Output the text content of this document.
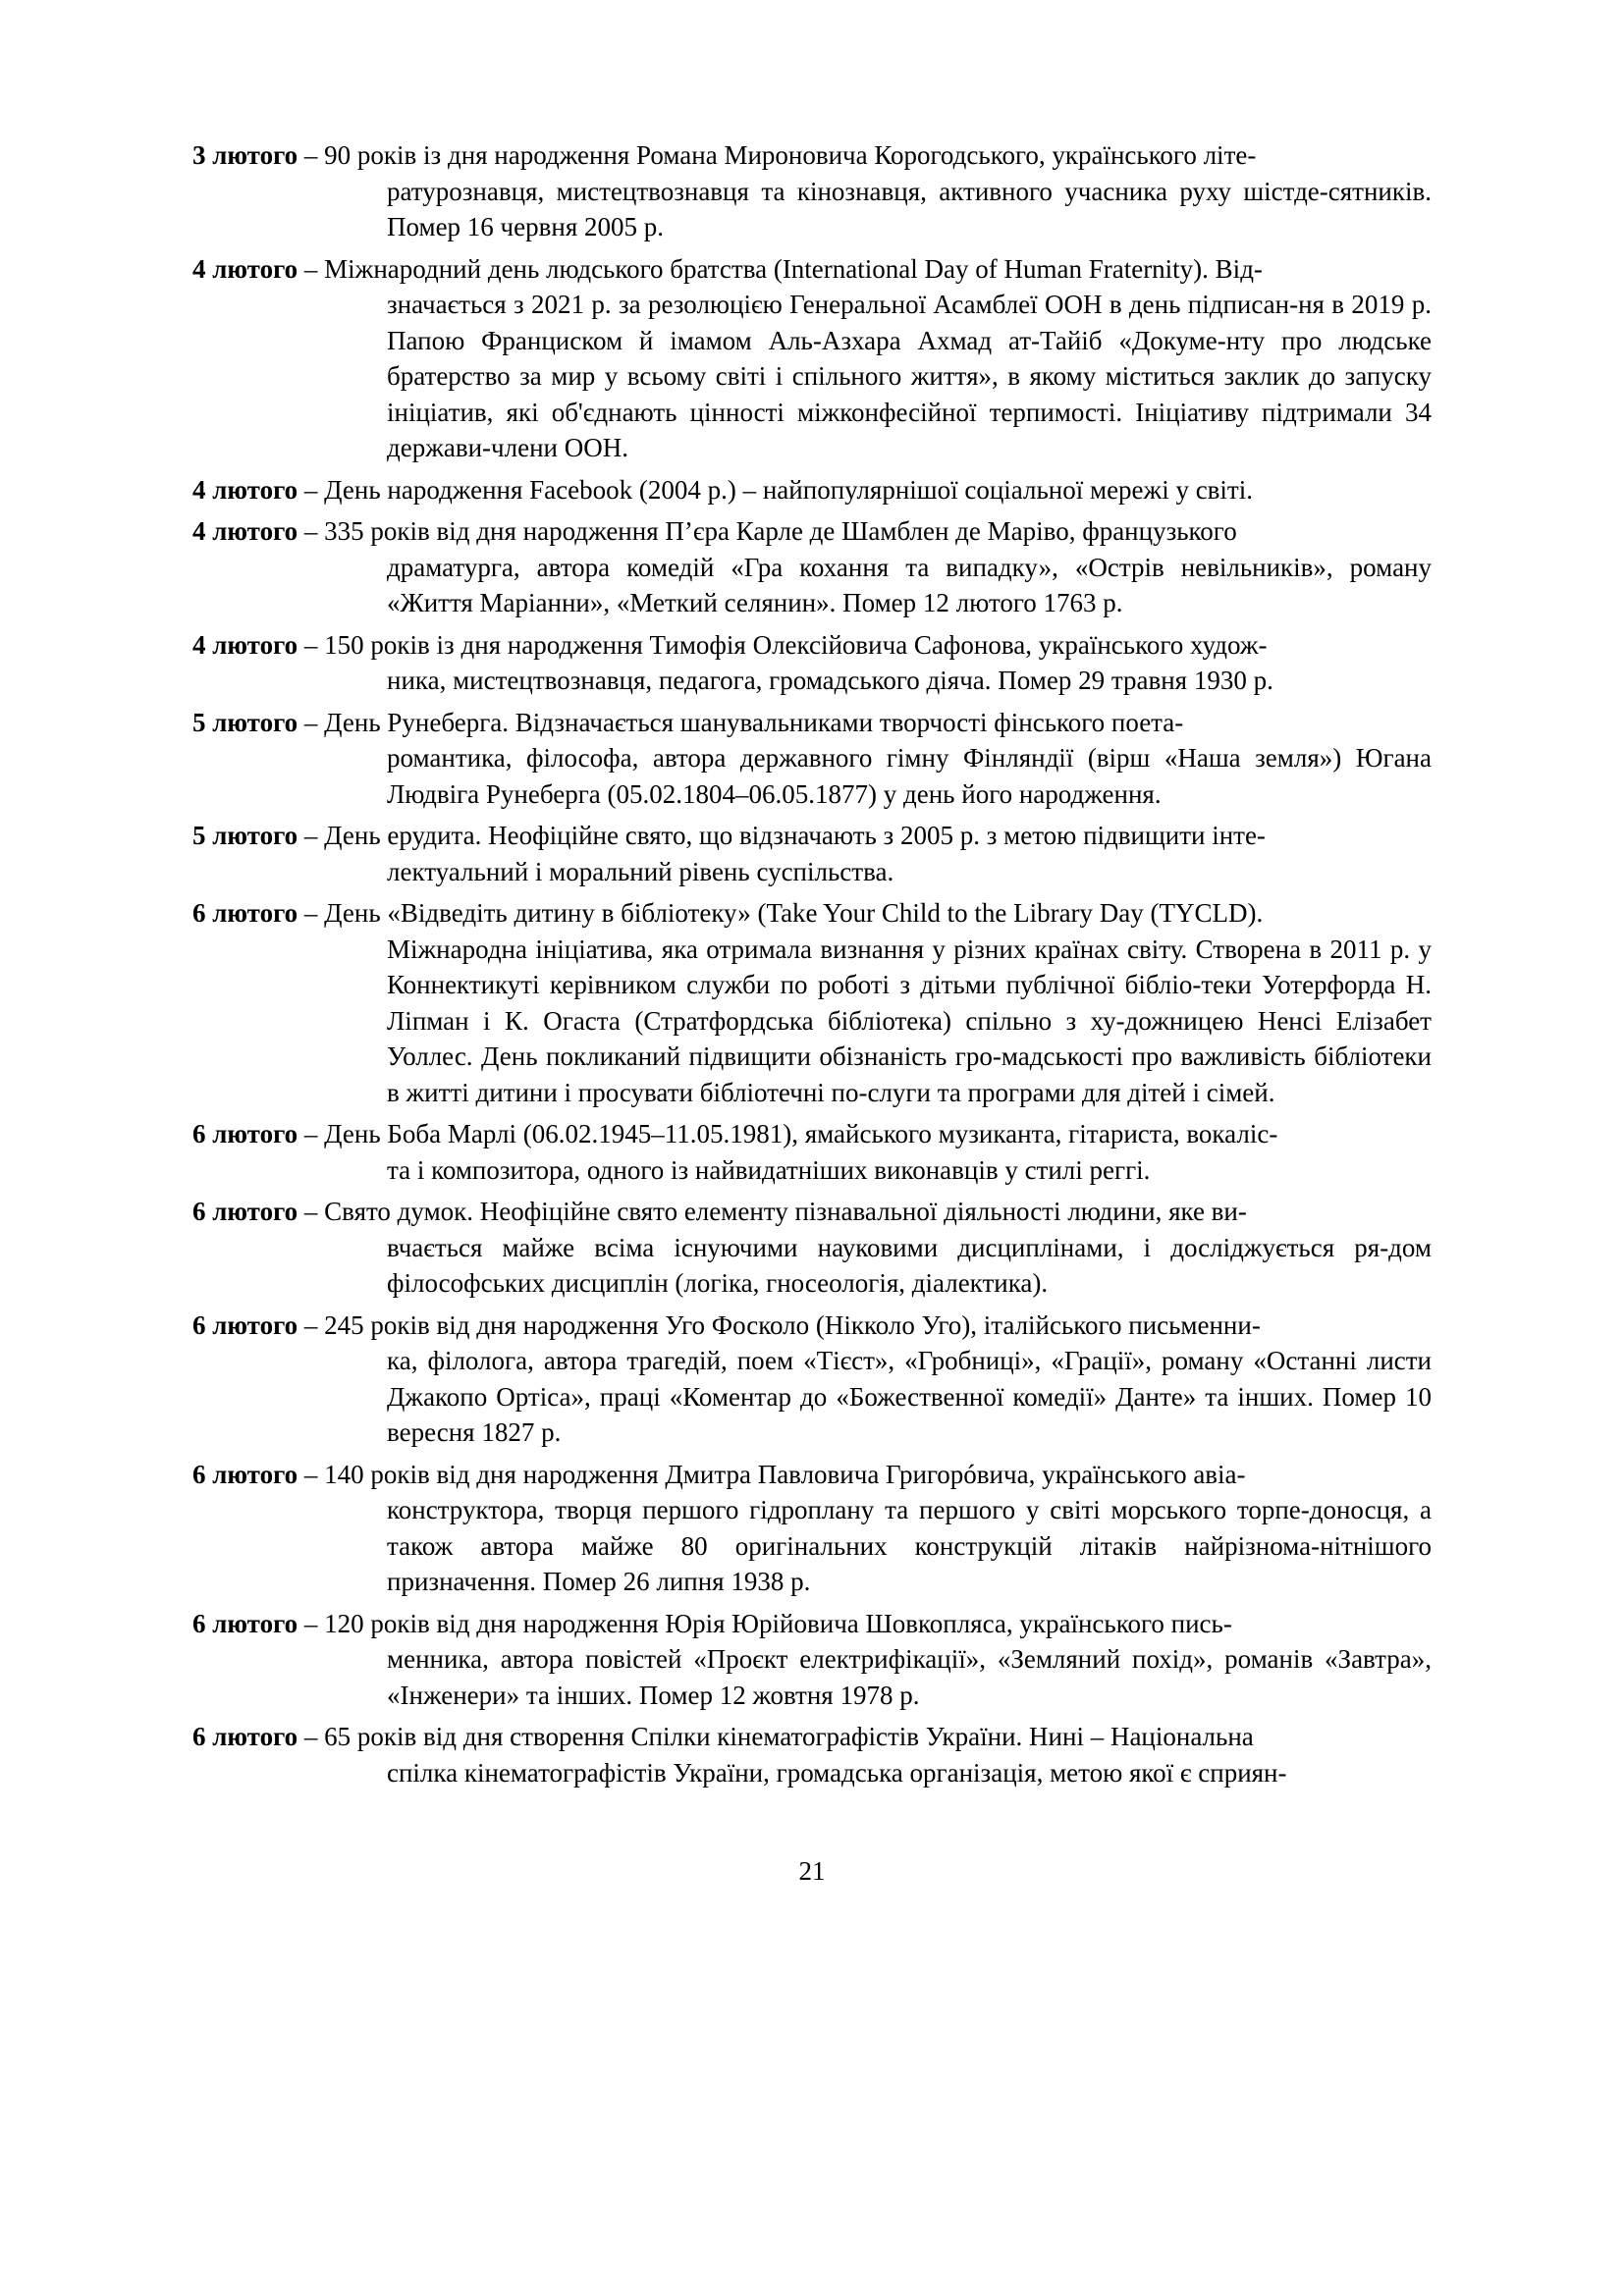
3 лютого – 90 років із дня народження Романа Мироновича Корогодського, українського літе-
ратурознавця, мистецтвознавця та кінознавця, активного учасника руху шістде-сятників. Помер 16 червня 2005 р.
4 лютого – Міжнародний день людського братства (International Day of Human Fraternity). Від-
значається з 2021 р. за резолюцією Генеральної Асамблеї ООН в день підписан-ня в 2019 р. Папою Франциском й імамом Аль-Азхара Ахмад ат-Тайіб «Докуме-нту про людське братерство за мир у всьому світі і спільного життя», в якому міститься заклик до запуску ініціатив, які об'єднають цінності міжконфесійної терпимості. Ініціативу підтримали 34 держави-члени ООН.
4 лютого – День народження Facebook (2004 р.) – найпопулярнішої соціальної мережі у світі.
4 лютого – 335 років від дня народження П’єра Карле де Шамблен де Маріво, французького
драматурга, автора комедій «Гра кохання та випадку», «Острів невільників», роману «Життя Маріанни», «Меткий селянин». Помер 12 лютого 1763 р.
4 лютого – 150 років із дня народження Тимофія Олексійовича Сафонова, українського худож-
ника, мистецтвознавця, педагога, громадського діяча. Помер 29 травня 1930 р.
5 лютого – День Рунеберга. Відзначається шанувальниками творчості фінського поета-
романтика, філософа, автора державного гімну Фінляндії (вірш «Наша земля») Югана Людвіга Рунеберга (05.02.1804–06.05.1877) у день його народження.
5 лютого – День ерудита. Неофіційне свято, що відзначають з 2005 р. з метою підвищити інте-
лектуальний і моральний рівень суспільства.
6 лютого – День «Відведіть дитину в бібліотеку» (Take Your Child to the Library Day (TYCLD).
Міжнародна ініціатива, яка отримала визнання у різних країнах світу. Створена в 2011 р. у Коннектикуті керівником служби по роботі з дітьми публічної бібліо-теки Уотерфорда Н. Ліпман і К. Огаста (Стратфордська бібліотека) спільно з ху-дожницею Ненсі Елізабет Уоллес. День покликаний підвищити обізнаність гро-мадськості про важливість бібліотеки в житті дитини і просувати бібліотечні по-слуги та програми для дітей і сімей.
6 лютого – День Боба Марлі (06.02.1945–11.05.1981), ямайського музиканта, гітариста, вокаліс-
та і композитора, одного із найвидатніших виконавців у стилі реггі.
6 лютого – Свято думок. Неофіційне свято елементу пізнавальної діяльності людини, яке ви-
вчається майже всіма існуючими науковими дисциплінами, і досліджується ря-дом філософських дисциплін (логіка, гносеологія, діалектика).
6 лютого – 245 років від дня народження Уго Фосколо (Нікколо Уго), італійського письменни-
ка, філолога, автора трагедій, поем «Тієст», «Гробниці», «Грації», роману «Останні листи Джакопо Ортіса», праці «Коментар до «Божественної комедії» Данте» та інших. Помер 10 вересня 1827 р.
6 лютого – 140 років від дня народження Дмитра Павловича Григорóвича, українського авіа-
конструктора, творця першого гідроплану та першого у світі морського торпе-доносця, а також автора майже 80 оригінальних конструкцій літаків найрізнома-нітнішого призначення. Помер 26 липня 1938 р.
6 лютого – 120 років від дня народження Юрія Юрійовича Шовкопляса, українського пись-
менника, автора повістей «Проєкт електрифікації», «Земляний похід», романів «Завтра», «Інженери» та інших. Помер 12 жовтня 1978 р.
6 лютого – 65 років від дня створення Спілки кінематографістів України. Нині – Національна
спілка кінематографістів України, громадська організація, метою якої є сприян-
21
